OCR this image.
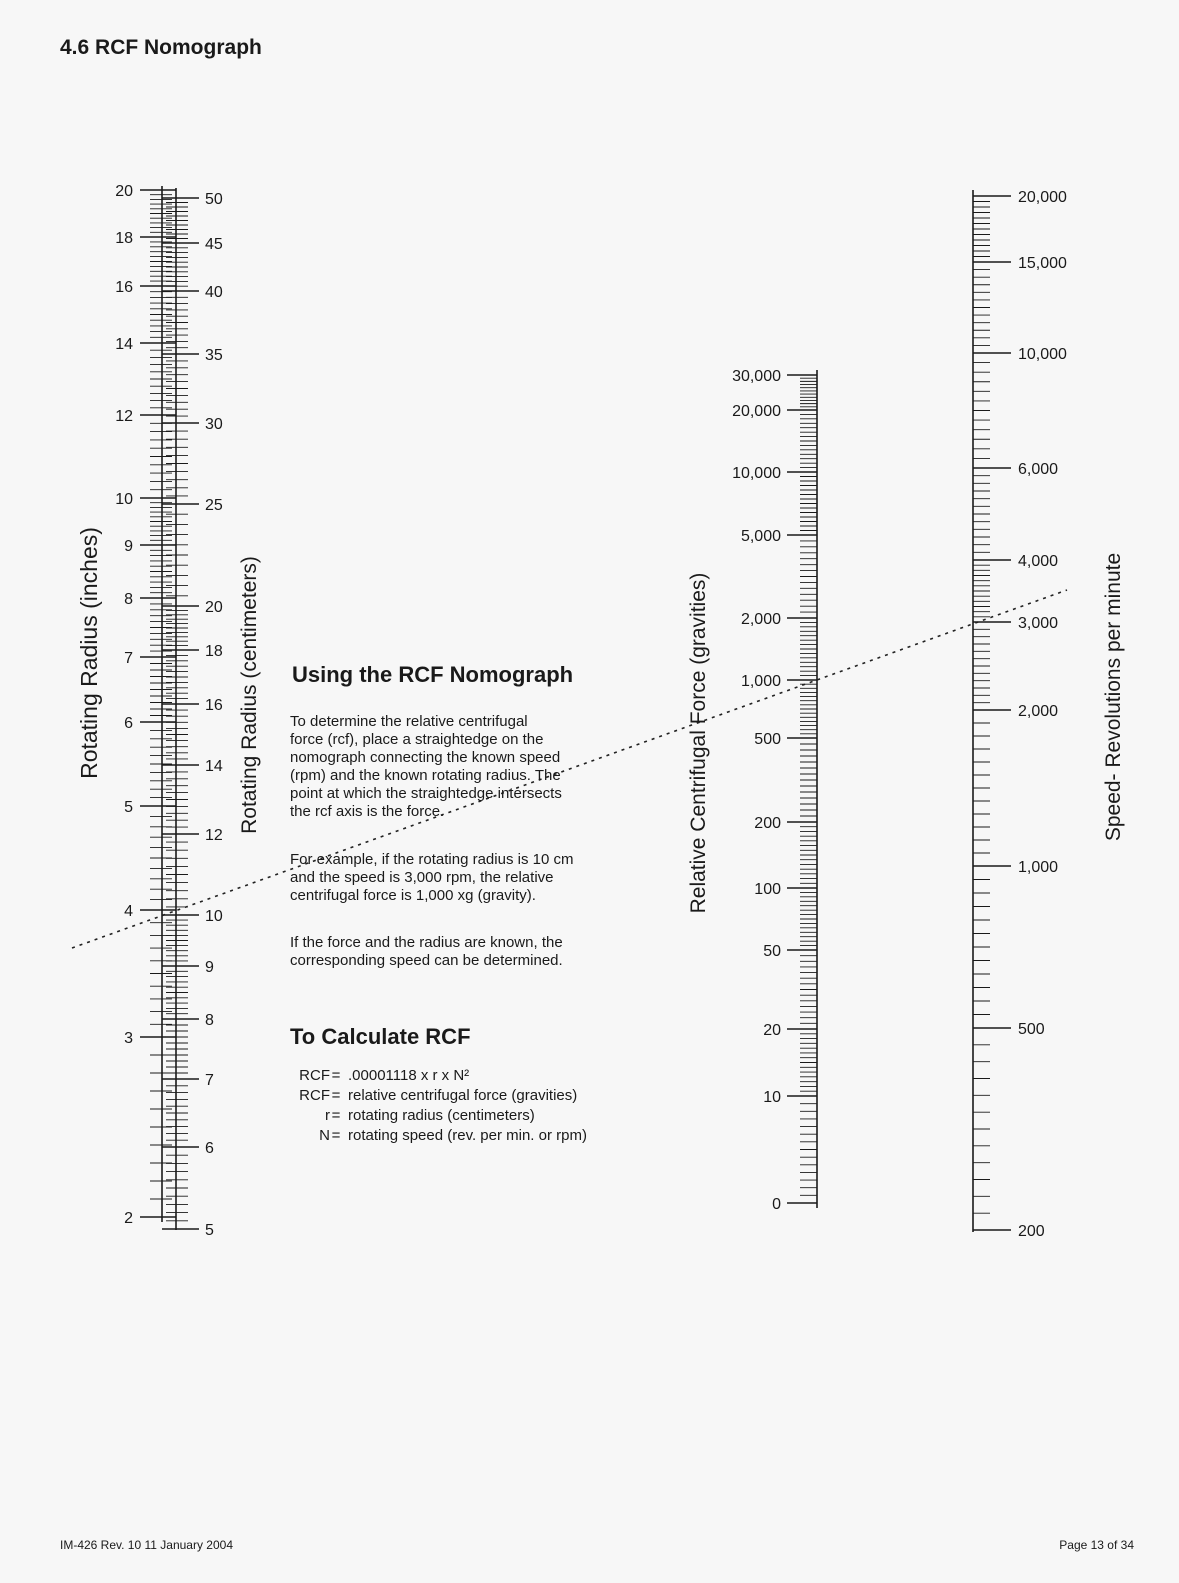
4.6 RCF Nomograph
20
18
16
14
12
10
9
8
7
6
5
4
3
2
50
45
40
35
30
25
20
18
16
14
12
10
9
8
7
6
5
30,000
20,000
10,000
5,000
2,000
1,000
500
200
100
50
20
10
0
20,000
15,000
10,000
6,000
4,000
3,000
2,000
1,000
500
200
Rotating Radius (inches)	Rotating Radius (centimeters)	Relative Centrifugal Force (gravities)	Speed- Revolutions per minute
Using the RCF Nomograph
To determine the relative centrifugal
force (rcf), place a straightedge on the
nomograph connecting the known speed
(rpm) and the known rotating radius. The
point at which the straightedge intersects
the rcf axis is the force.
For example, if the rotating radius is 10 cm
and the speed is 3,000 rpm, the relative
centrifugal force is 1,000 xg (gravity).
If the force and the radius are known, the
corresponding speed can be determined.
To Calculate RCF
RCF = .00001118 x r x N²
RCF = relative centrifugal force (gravities)
r = rotating radius (centimeters)
N = rotating speed (rev. per min. or rpm)
IM-426 Rev. 10 11 January 2004	Page 13 of 34
